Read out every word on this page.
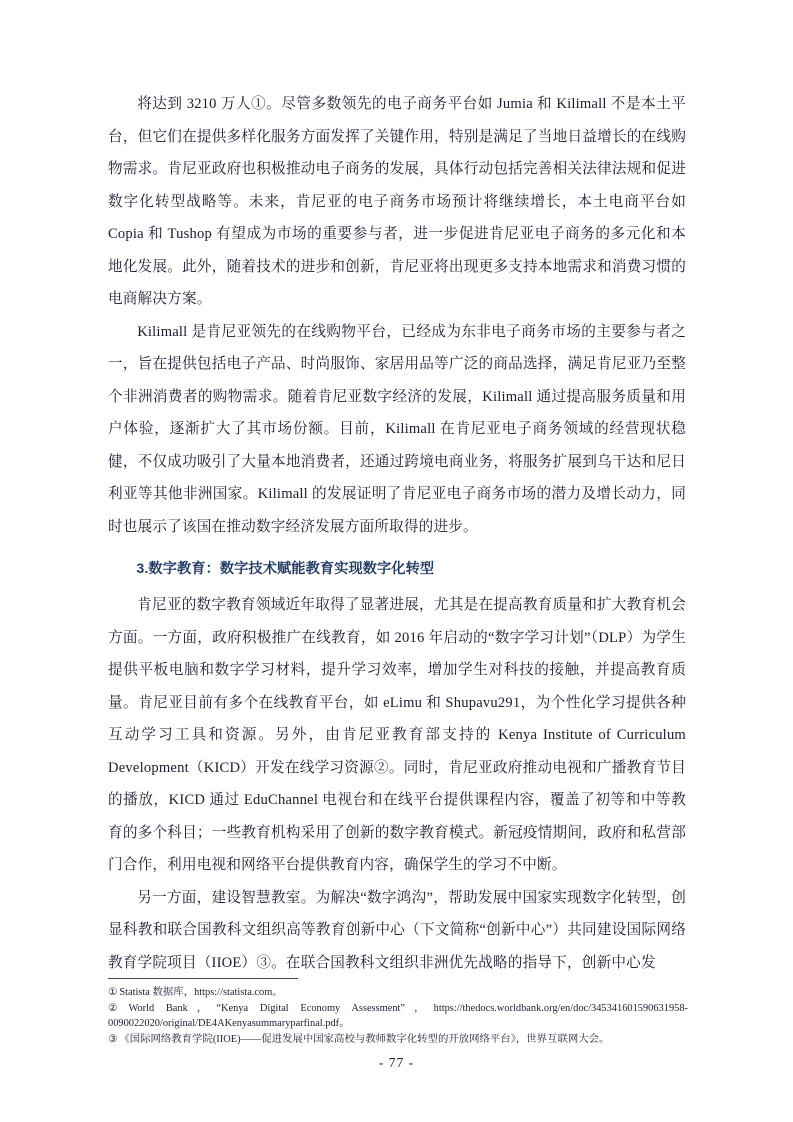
将达到 3210 万人①。尽管多数领先的电子商务平台如 Jumia 和 Kilimall 不是本土平台，但它们在提供多样化服务方面发挥了关键作用，特别是满足了当地日益增长的在线购物需求。肯尼亚政府也积极推动电子商务的发展，具体行动包括完善相关法律法规和促进数字化转型战略等。未来，肯尼亚的电子商务市场预计将继续增长，本土电商平台如 Copia 和 Tushop 有望成为市场的重要参与者，进一步促进肯尼亚电子商务的多元化和本地化发展。此外，随着技术的进步和创新，肯尼亚将出现更多支持本地需求和消费习惯的电商解决方案。

Kilimall 是肯尼亚领先的在线购物平台，已经成为东非电子商务市场的主要参与者之一，旨在提供包括电子产品、时尚服饰、家居用品等广泛的商品选择，满足肯尼亚乃至整个非洲消费者的购物需求。随着肯尼亚数字经济的发展，Kilimall 通过提高服务质量和用户体验，逐渐扩大了其市场份额。目前，Kilimall 在肯尼亚电子商务领域的经营现状稳健，不仅成功吸引了大量本地消费者，还通过跨境电商业务，将服务扩展到乌干达和尼日利亚等其他非洲国家。Kilimall 的发展证明了肯尼亚电子商务市场的潜力及增长动力，同时也展示了该国在推动数字经济发展方面所取得的进步。

3.数字教育：数字技术赋能教育实现数字化转型

肯尼亚的数字教育领域近年取得了显著进展，尤其是在提高教育质量和扩大教育机会方面。一方面，政府积极推广在线教育，如 2016 年启动的“数字学习计划”（DLP）为学生提供平板电脑和数字学习材料，提升学习效率，增加学生对科技的接触，并提高教育质量。肯尼亚目前有多个在线教育平台，如 eLimu 和 Shupavu291，为个性化学习提供各种互动学习工具和资源。另外，由肯尼亚教育部支持的 Kenya Institute of Curriculum Development（KICD）开发在线学习资源②。同时，肯尼亚政府推动电视和广播教育节目的播放，KICD 通过 EduChannel 电视台和在线平台提供课程内容，覆盖了初等和中等教育的多个科目；一些教育机构采用了创新的数字教育模式。新冠疫情期间，政府和私营部门合作，利用电视和网络平台提供教育内容，确保学生的学习不中断。

另一方面，建设智慧教室。为解决“数字鸿沟”，帮助发展中国家实现数字化转型，创显科教和联合国教科文组织高等教育创新中心（下文简称“创新中心”）共同建设国际网络教育学院项目（IIOE）③。在联合国教科文组织非洲优先战略的指导下，创新中心发

① Statista 数据库，https://statista.com。

② World Bank，“Kenya Digital Economy Assessment”，https://thedocs.worldbank.org/en/doc/345341601590631958-0090022020/original/DE4AKenyasummaryparfinal.pdf。

③ 《国际网络教育学院(IIOE)——促进发展中国家高校与教师数字化转型的开放网络平台》，世界互联网大会。

- 77 -
